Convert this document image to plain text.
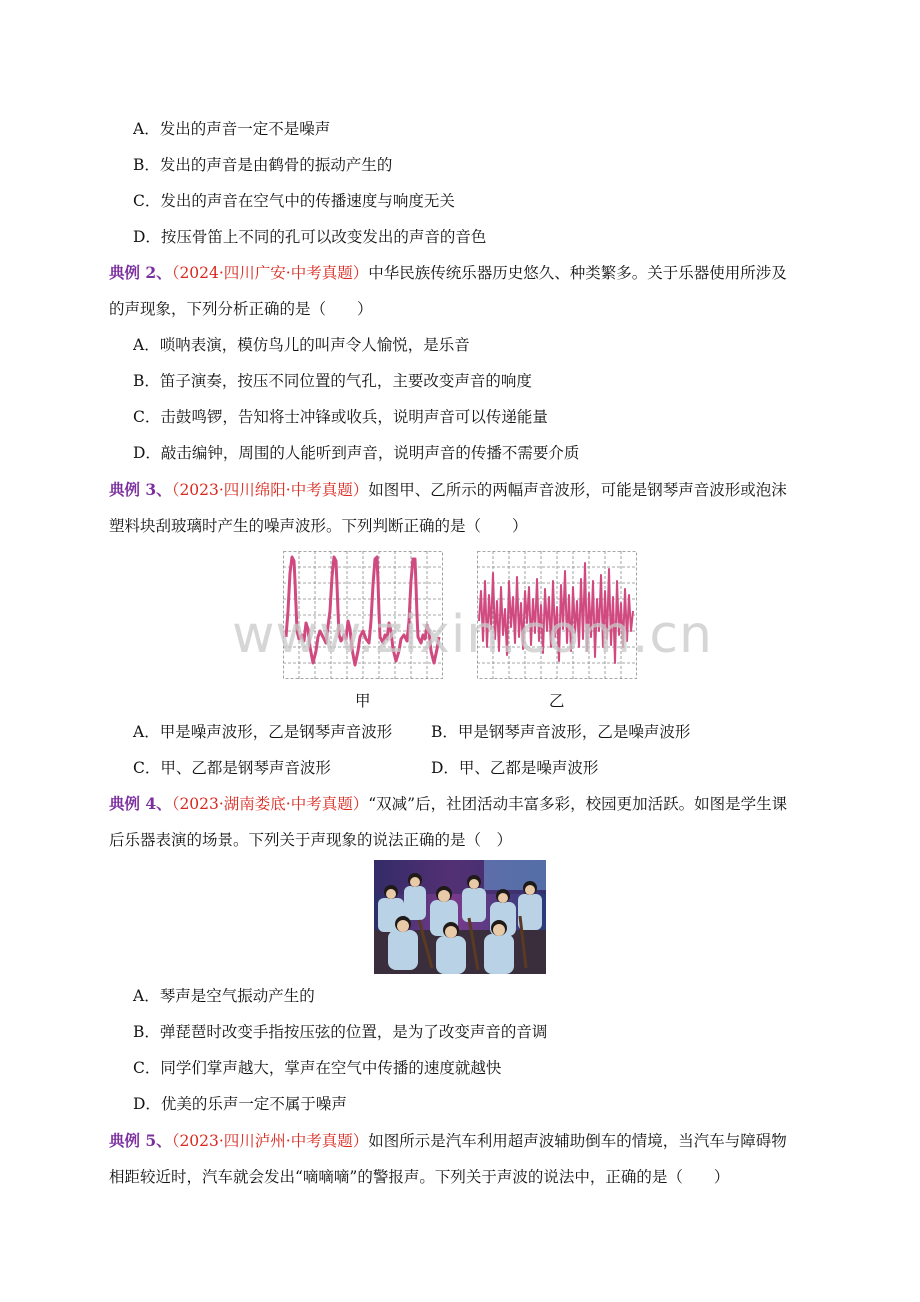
A．发出的声音一定不是噪声
B．发出的声音是由鹤骨的振动产生的
C．发出的声音在空气中的传播速度与响度无关
D．按压骨笛上不同的孔可以改变发出的声音的音色
典例 2、（2024·四川广安·中考真题）中华民族传统乐器历史悠久、种类繁多。关于乐器使用所涉及
的声现象，下列分析正确的是（　　）
A．唢呐表演，模仿鸟儿的叫声令人愉悦，是乐音
B．笛子演奏，按压不同位置的气孔，主要改变声音的响度
C．击鼓鸣锣，告知将士冲锋或收兵，说明声音可以传递能量
D．敲击编钟，周围的人能听到声音，说明声音的传播不需要介质
典例 3、（2023·四川绵阳·中考真题）如图甲、乙所示的两幅声音波形，可能是钢琴声音波形或泡沫
塑料块刮玻璃时产生的噪声波形。下列判断正确的是（　　）
甲	乙
A．甲是噪声波形，乙是钢琴声音波形	B．甲是钢琴声音波形，乙是噪声波形
C．甲、乙都是钢琴声音波形	D．甲、乙都是噪声波形
典例 4、（2023·湖南娄底·中考真题）“双减”后，社团活动丰富多彩，校园更加活跃。如图是学生课
后乐器表演的场景。下列关于声现象的说法正确的是（　）
A．琴声是空气振动产生的
B．弹琵琶时改变手指按压弦的位置，是为了改变声音的音调
C．同学们掌声越大，掌声在空气中传播的速度就越快
D．优美的乐声一定不属于噪声
典例 5、（2023·四川泸州·中考真题）如图所示是汽车利用超声波辅助倒车的情境，当汽车与障碍物
相距较近时，汽车就会发出“嘀嘀嘀”的警报声。下列关于声波的说法中，正确的是（　　）
www.zixin.com.cn
